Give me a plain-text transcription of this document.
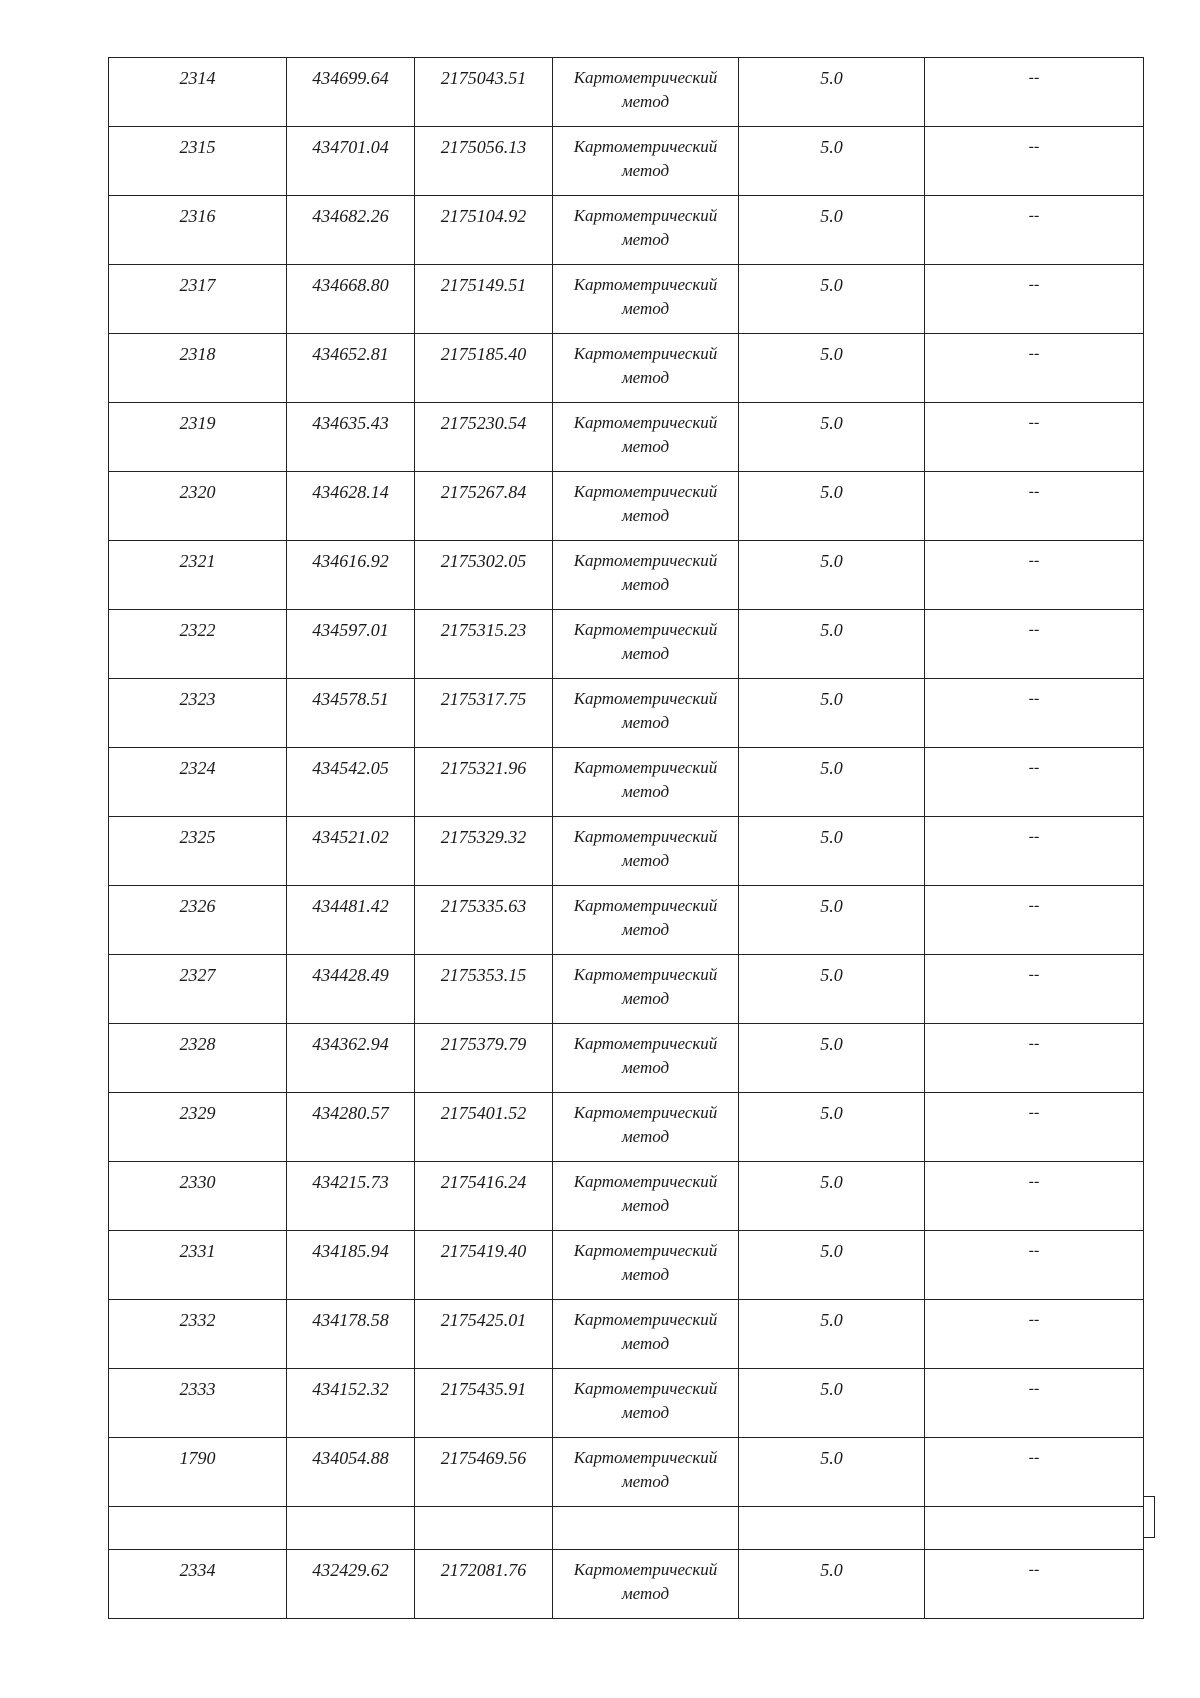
2314	434699.64	2175043.51	Картометрический
метод	5.0	--

2315	434701.04	2175056.13	Картометрический
метод	5.0	--

2316	434682.26	2175104.92	Картометрический
метод	5.0	--

2317	434668.80	2175149.51	Картометрический
метод	5.0	--

2318	434652.81	2175185.40	Картометрический
метод	5.0	--

2319	434635.43	2175230.54	Картометрический
метод	5.0	--

2320	434628.14	2175267.84	Картометрический
метод	5.0	--

2321	434616.92	2175302.05	Картометрический
метод	5.0	--

2322	434597.01	2175315.23	Картометрический
метод	5.0	--

2323	434578.51	2175317.75	Картометрический
метод	5.0	--

2324	434542.05	2175321.96	Картометрический
метод	5.0	--

2325	434521.02	2175329.32	Картометрический
метод	5.0	--

2326	434481.42	2175335.63	Картометрический
метод	5.0	--

2327	434428.49	2175353.15	Картометрический
метод	5.0	--

2328	434362.94	2175379.79	Картометрический
метод	5.0	--

2329	434280.57	2175401.52	Картометрический
метод	5.0	--

2330	434215.73	2175416.24	Картометрический
метод	5.0	--

2331	434185.94	2175419.40	Картометрический
метод	5.0	--

2332	434178.58	2175425.01	Картометрический
метод	5.0	--

2333	434152.32	2175435.91	Картометрический
метод	5.0	--

1790	434054.88	2175469.56	Картометрический
метод	5.0	--

2334	432429.62	2172081.76	Картометрический
метод	5.0	--
